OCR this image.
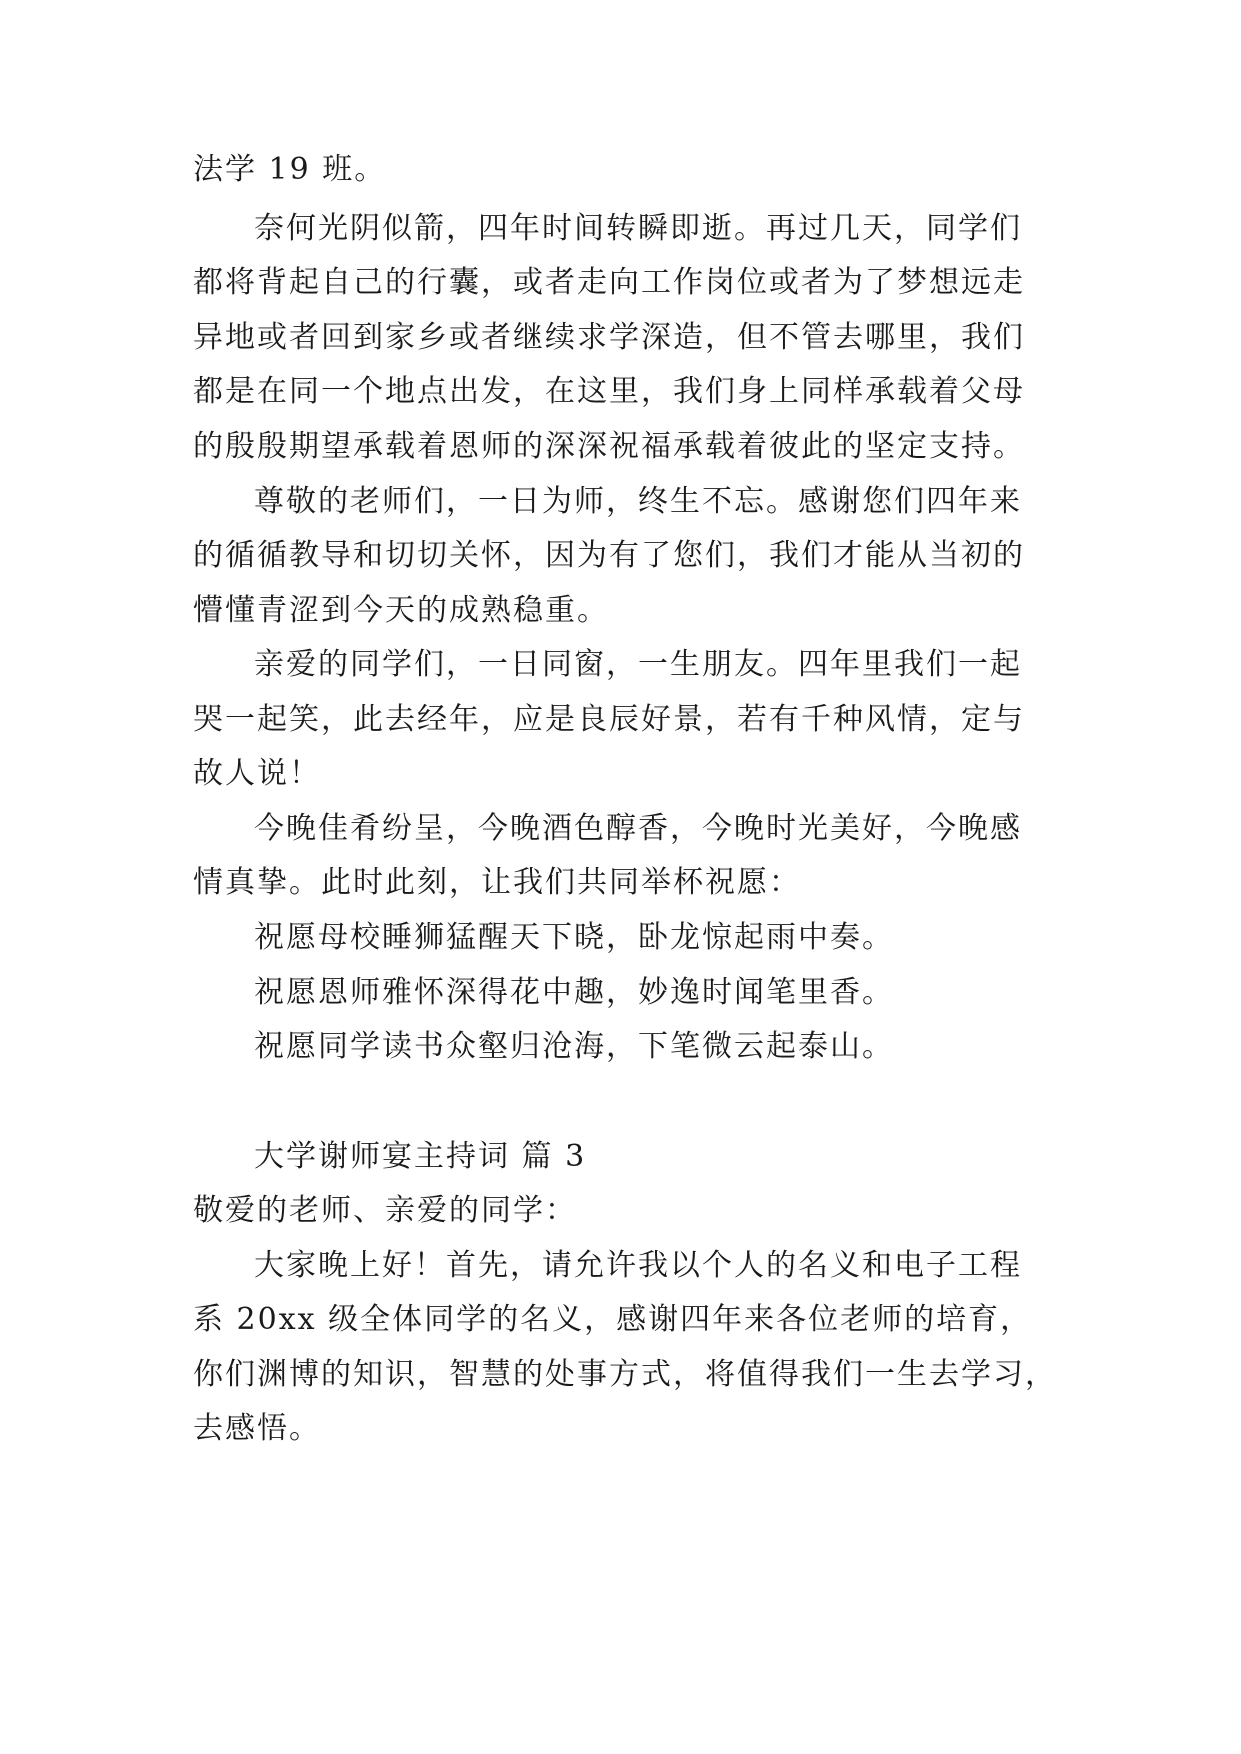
法学 19 班。
奈何光阴似箭，四年时间转瞬即逝。再过几天，同学们
都将背起自己的行囊，或者走向工作岗位或者为了梦想远走
异地或者回到家乡或者继续求学深造，但不管去哪里，我们
都是在同一个地点出发，在这里，我们身上同样承载着父母
的殷殷期望承载着恩师的深深祝福承载着彼此的坚定支持。
尊敬的老师们，一日为师，终生不忘。感谢您们四年来
的循循教导和切切关怀，因为有了您们，我们才能从当初的
懵懂青涩到今天的成熟稳重。
亲爱的同学们，一日同窗，一生朋友。四年里我们一起
哭一起笑，此去经年，应是良辰好景，若有千种风情，定与
故人说！
今晚佳肴纷呈，今晚酒色醇香，今晚时光美好，今晚感
情真挚。此时此刻，让我们共同举杯祝愿：
祝愿母校睡狮猛醒天下晓，卧龙惊起雨中奏。
祝愿恩师雅怀深得花中趣，妙逸时闻笔里香。
祝愿同学读书众壑归沧海，下笔微云起泰山。
大学谢师宴主持词 篇 3
敬爱的老师、亲爱的同学：
大家晚上好！首先，请允许我以个人的名义和电子工程
系 20xx 级全体同学的名义，感谢四年来各位老师的培育，
你们渊博的知识，智慧的处事方式，将值得我们一生去学习，
去感悟。
